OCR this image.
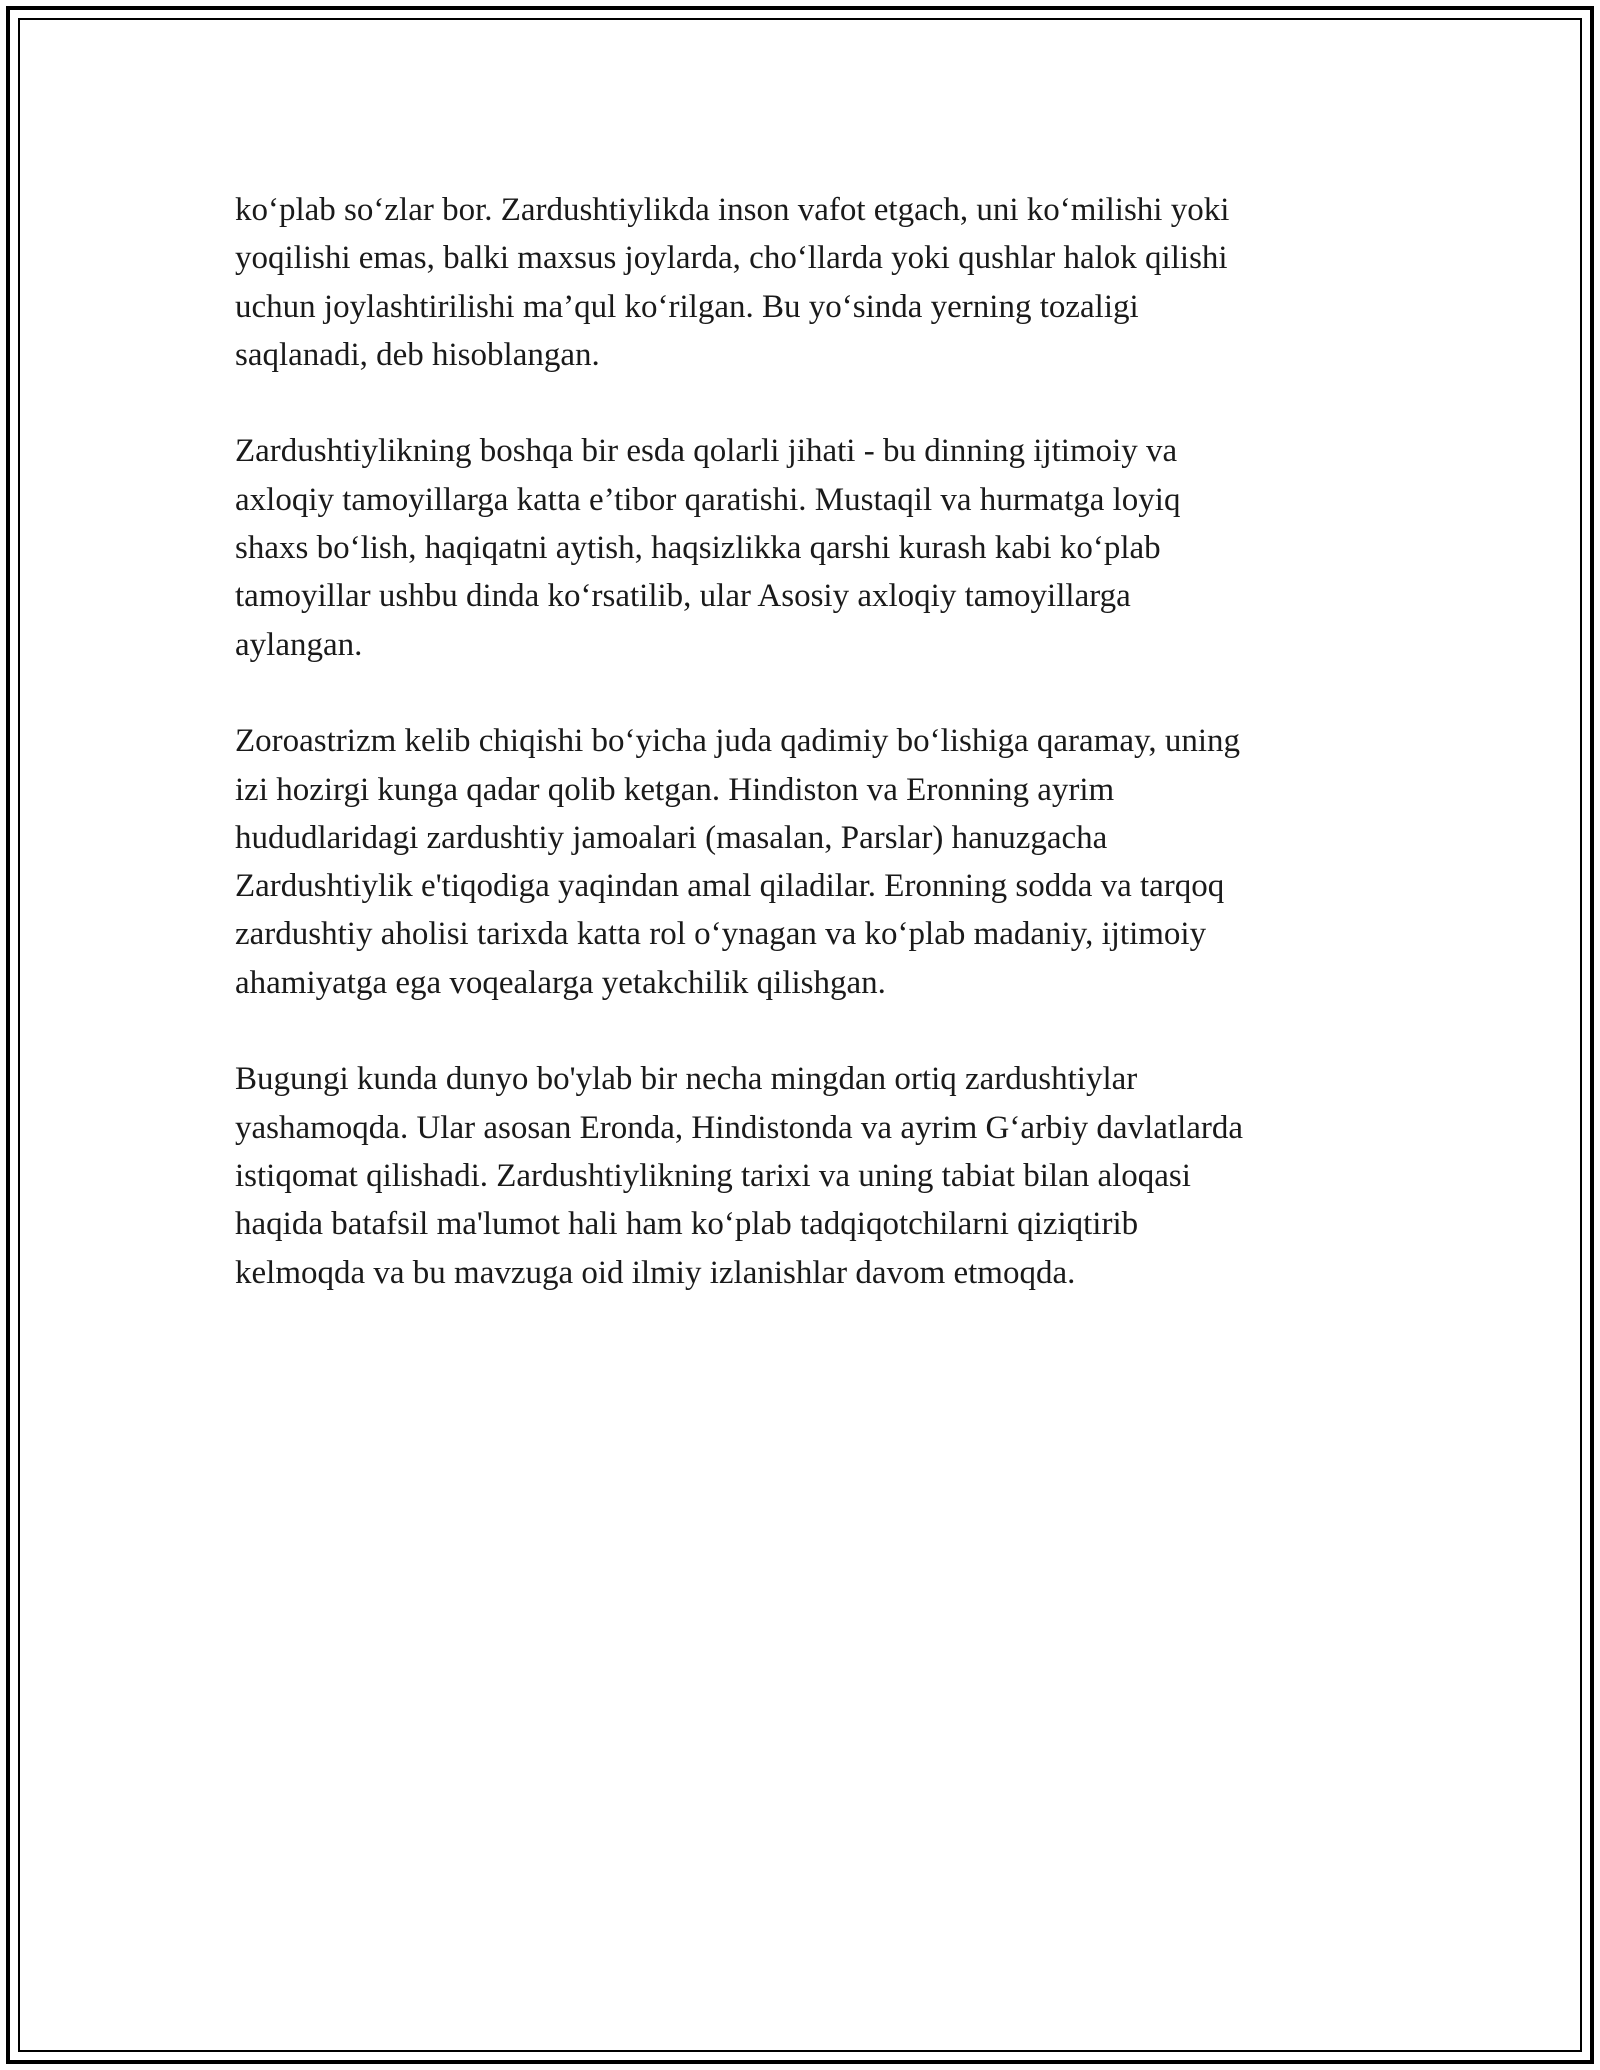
ko‘plab so‘zlar bor. Zardushtiylikda inson vafot etgach, uni ko‘milishi yoki
yoqilishi emas, balki maxsus joylarda, cho‘llarda yoki qushlar halok qilishi
uchun joylashtirilishi ma’qul ko‘rilgan. Bu yo‘sinda yerning tozaligi
saqlanadi, deb hisoblangan.

Zardushtiylikning boshqa bir esda qolarli jihati - bu dinning ijtimoiy va
axloqiy tamoyillarga katta e’tibor qaratishi. Mustaqil va hurmatga loyiq
shaxs bo‘lish, haqiqatni aytish, haqsizlikka qarshi kurash kabi ko‘plab
tamoyillar ushbu dinda ko‘rsatilib, ular Asosiy axloqiy tamoyillarga
aylangan.

Zoroastrizm kelib chiqishi bo‘yicha juda qadimiy bo‘lishiga qaramay, uning
izi hozirgi kunga qadar qolib ketgan. Hindiston va Eronning ayrim
hududlaridagi zardushtiy jamoalari (masalan, Parslar) hanuzgacha
Zardushtiylik e'tiqodiga yaqindan amal qiladilar. Eronning sodda va tarqoq
zardushtiy aholisi tarixda katta rol o‘ynagan va ko‘plab madaniy, ijtimoiy
ahamiyatga ega voqealarga yetakchilik qilishgan.

Bugungi kunda dunyo bo'ylab bir necha mingdan ortiq zardushtiylar
yashamoqda. Ular asosan Eronda, Hindistonda va ayrim G‘arbiy davlatlarda
istiqomat qilishadi. Zardushtiylikning tarixi va uning tabiat bilan aloqasi
haqida batafsil ma'lumot hali ham ko‘plab tadqiqotchilarni qiziqtirib
kelmoqda va bu mavzuga oid ilmiy izlanishlar davom etmoqda.
